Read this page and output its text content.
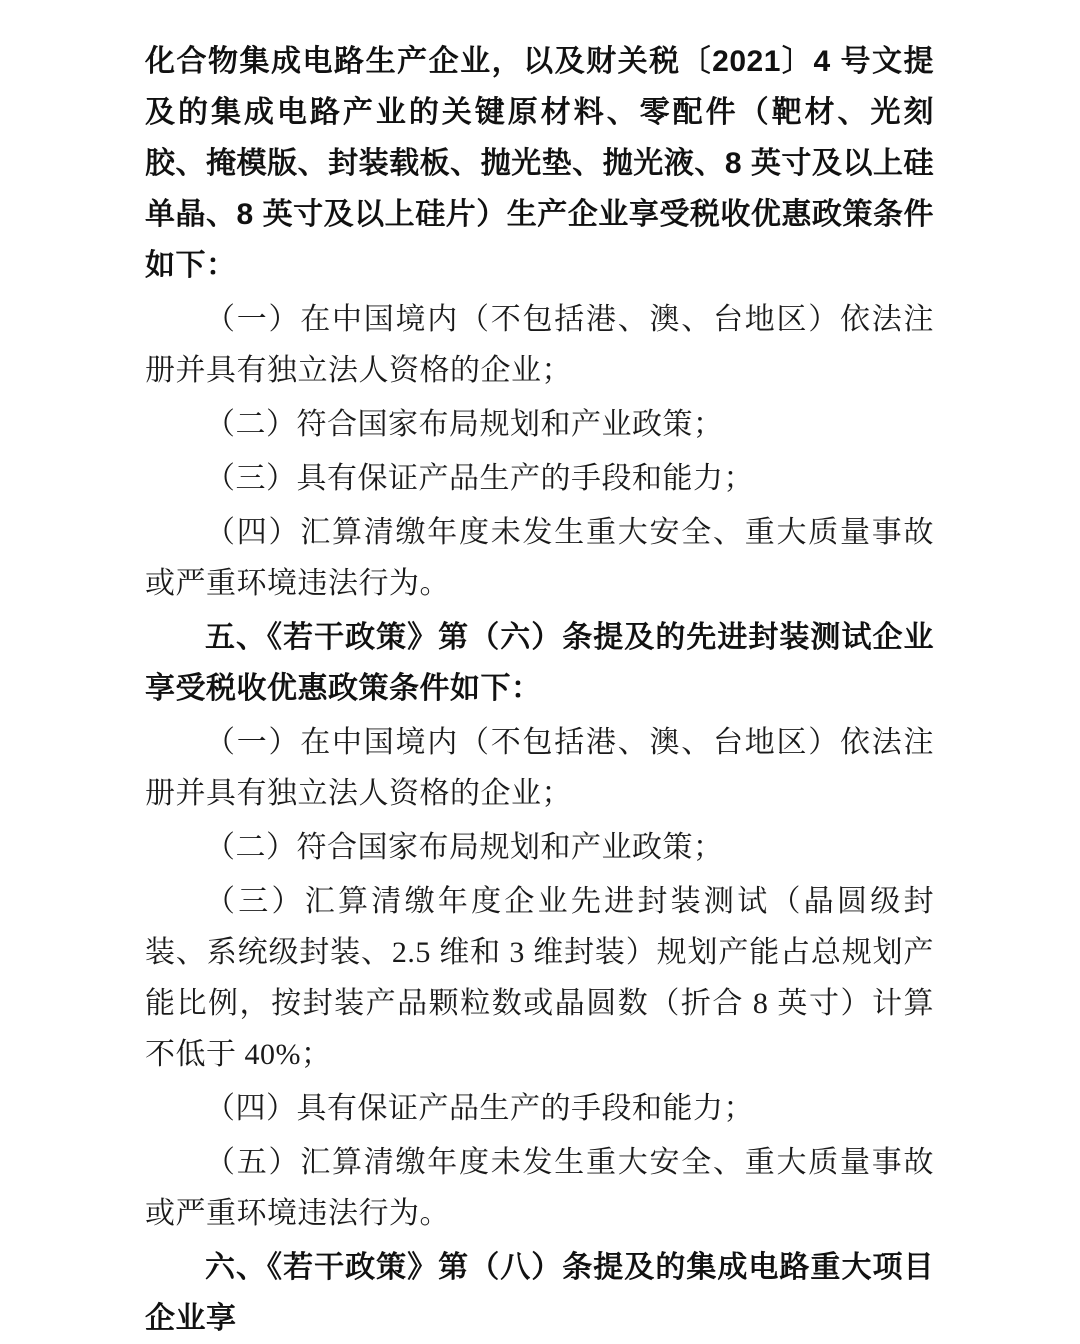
化合物集成电路生产企业，以及财关税〔2021〕4 号文提及的集成电路产业的关键原材料、零配件（靶材、光刻胶、掩模版、封装载板、抛光垫、抛光液、8 英寸及以上硅单晶、8 英寸及以上硅片）生产企业享受税收优惠政策条件如下：

（一）在中国境内（不包括港、澳、台地区）依法注册并具有独立法人资格的企业；

（二）符合国家布局规划和产业政策；

（三）具有保证产品生产的手段和能力；

（四）汇算清缴年度未发生重大安全、重大质量事故或严重环境违法行为。

五、《若干政策》第（六）条提及的先进封装测试企业享受税收优惠政策条件如下：

（一）在中国境内（不包括港、澳、台地区）依法注册并具有独立法人资格的企业；

（二）符合国家布局规划和产业政策；

（三）汇算清缴年度企业先进封装测试（晶圆级封装、系统级封装、2.5 维和 3 维封装）规划产能占总规划产能比例，按封装产品颗粒数或晶圆数（折合 8 英寸）计算不低于 40%；

（四）具有保证产品生产的手段和能力；

（五）汇算清缴年度未发生重大安全、重大质量事故或严重环境违法行为。

六、《若干政策》第（八）条提及的集成电路重大项目企业享
